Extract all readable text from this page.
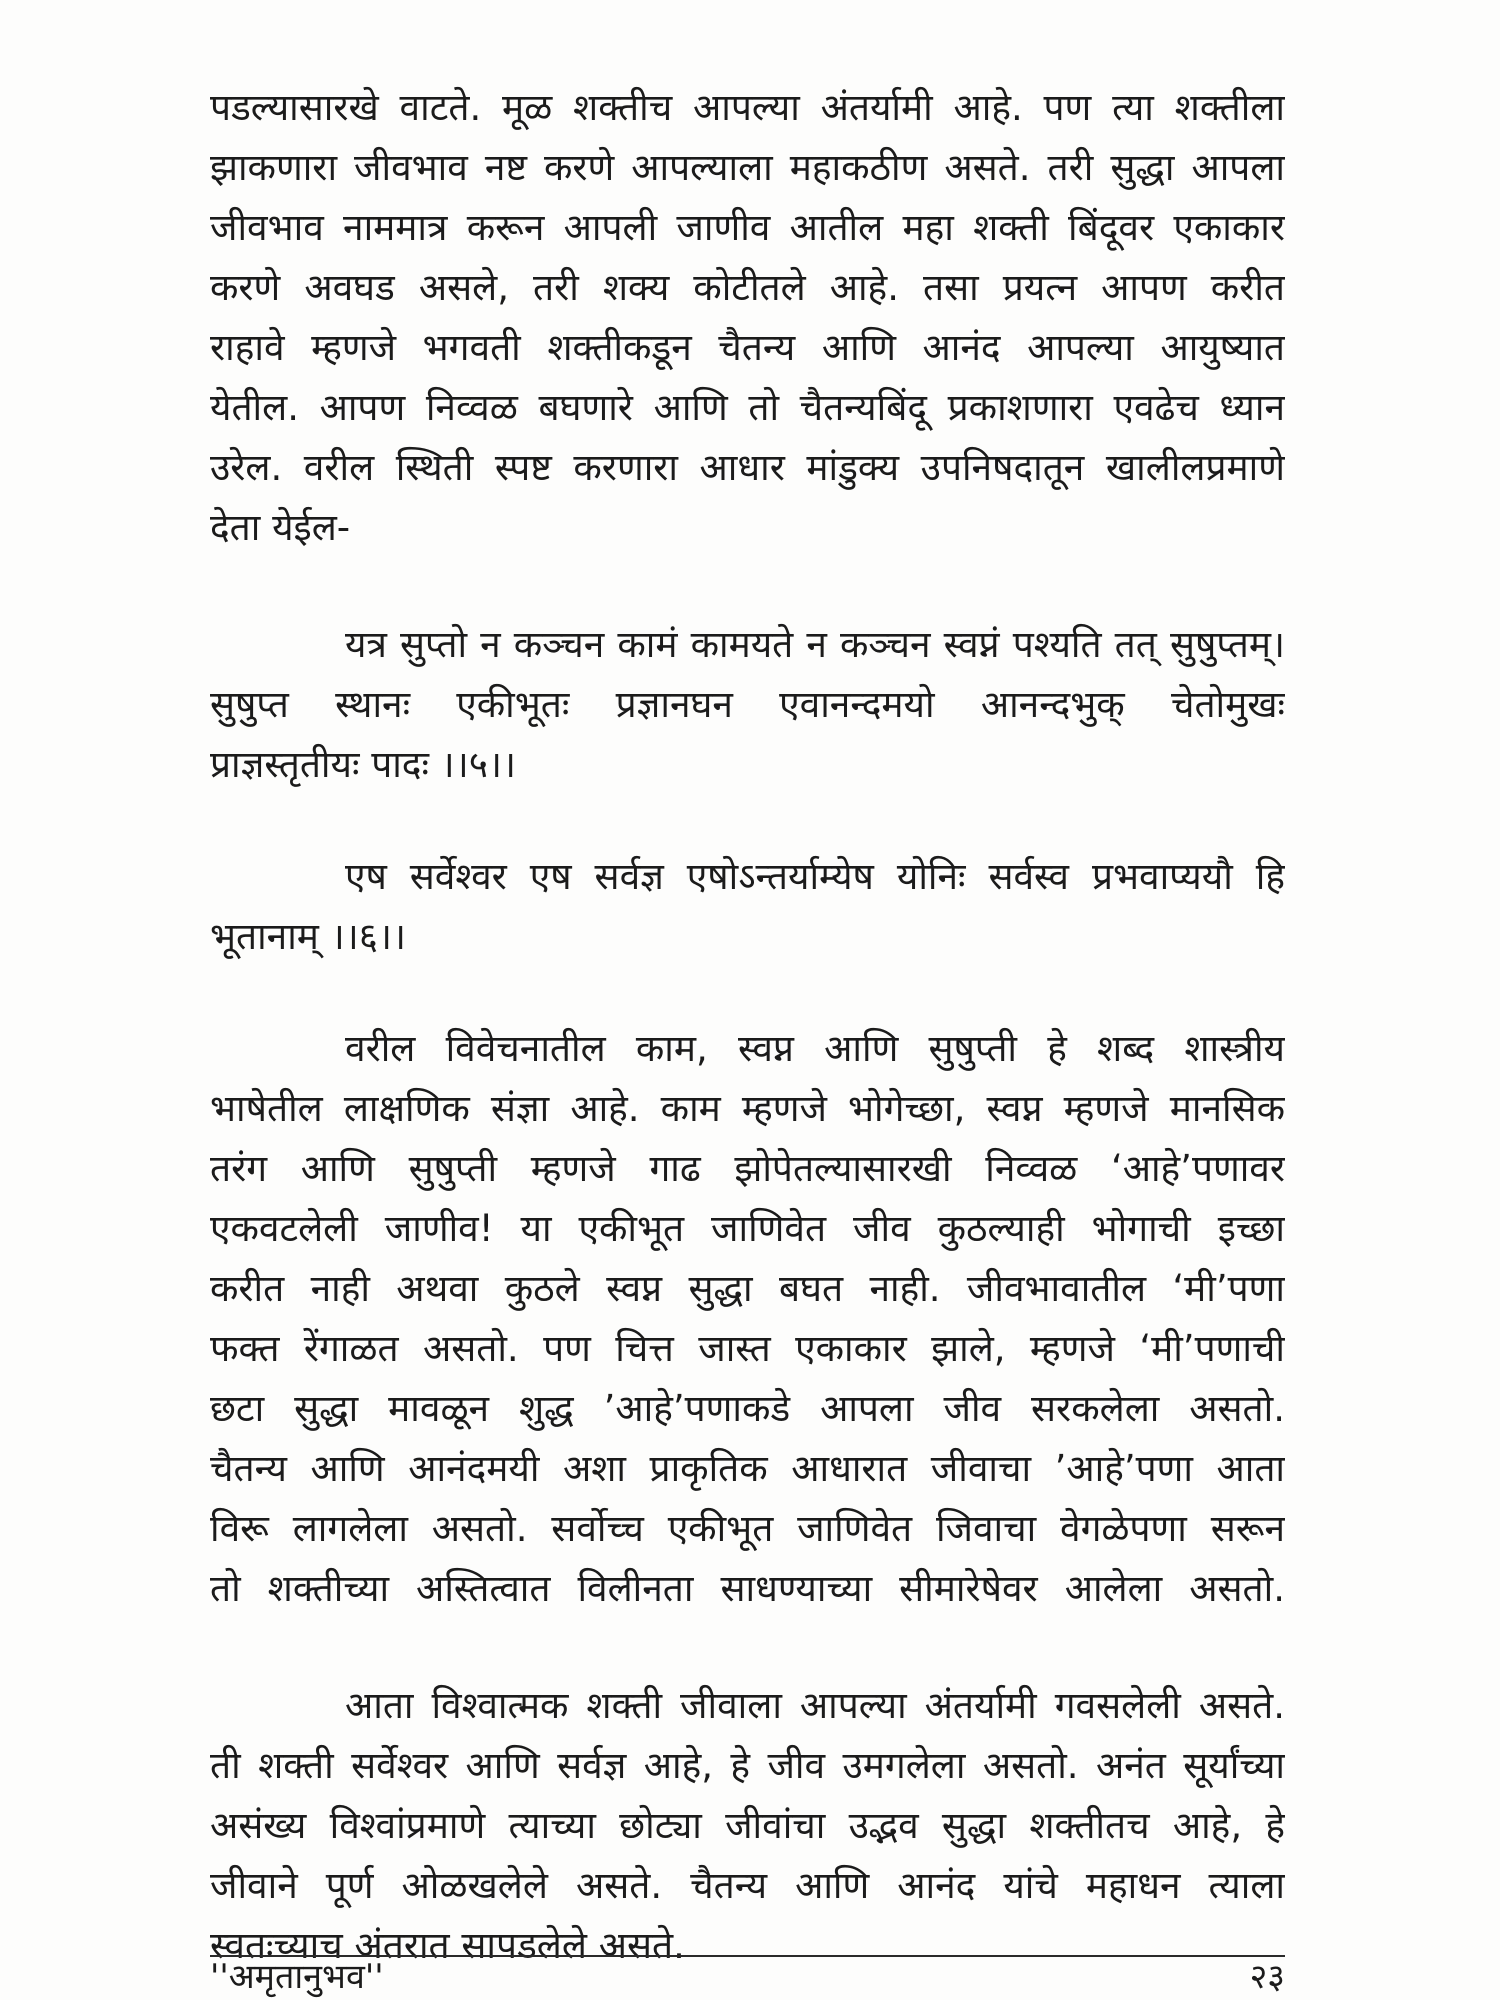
पडल्यासारखे वाटते. मूळ शक्तीच आपल्या अंतर्यामी आहे. पण त्या शक्तीला
झाकणारा जीवभाव नष्ट करणे आपल्याला महाकठीण असते. तरी सुद्धा आपला
जीवभाव नाममात्र करून आपली जाणीव आतील महा शक्ती बिंदूवर एकाकार
करणे अवघड असले, तरी शक्य कोटीतले आहे. तसा प्रयत्न आपण करीत
राहावे म्हणजे भगवती शक्तीकडून चैतन्य आणि आनंद आपल्या आयुष्यात
येतील. आपण निव्वळ बघणारे आणि तो चैतन्यबिंदू प्रकाशणारा एवढेच ध्यान
उरेल. वरील स्थिती स्पष्ट करणारा आधार मांडुक्य उपनिषदातून खालीलप्रमाणे
देता येईल-
यत्र सुप्तो न कञ्चन कामं कामयते न कञ्चन स्वप्नं पश्यति तत् सुषुप्तम्।
सुषुप्त स्थानः एकीभूतः प्रज्ञानघन एवानन्दमयो आनन्दभुक् चेतोमुखः
प्राज्ञस्तृतीयः पादः ।।५।।
एष सर्वेश्वर एष सर्वज्ञ एषोऽन्तर्याम्येष योनिः सर्वस्व प्रभवाप्ययौ हि
भूतानाम् ।।६।।
वरील विवेचनातील काम, स्वप्न आणि सुषुप्ती हे शब्द शास्त्रीय
भाषेतील लाक्षणिक संज्ञा आहे. काम म्हणजे भोगेच्छा, स्वप्न म्हणजे मानसिक
तरंग आणि सुषुप्ती म्हणजे गाढ झोपेतल्यासारखी निव्वळ ‘आहे’पणावर
एकवटलेली जाणीव! या एकीभूत जाणिवेत जीव कुठल्याही भोगाची इच्छा
करीत नाही अथवा कुठले स्वप्न सुद्धा बघत नाही. जीवभावातील ‘मी’पणा
फक्त रेंगाळत असतो. पण चित्त जास्त एकाकार झाले, म्हणजे ‘मी’पणाची
छटा सुद्धा मावळून शुद्ध ’आहे’पणाकडे आपला जीव सरकलेला असतो.
चैतन्य आणि आनंदमयी अशा प्राकृतिक आधारात जीवाचा ’आहे’पणा आता
विरू लागलेला असतो. सर्वोच्च एकीभूत जाणिवेत जिवाचा वेगळेपणा सरून
तो शक्तीच्या अस्तित्वात विलीनता साधण्याच्या सीमारेषेवर आलेला असतो.
आता विश्वात्मक शक्ती जीवाला आपल्या अंतर्यामी गवसलेली असते.
ती शक्ती सर्वेश्वर आणि सर्वज्ञ आहे, हे जीव उमगलेला असतो. अनंत सूर्यांच्या
असंख्य विश्वांप्रमाणे त्याच्या छोट्या जीवांचा उद्भव सुद्धा शक्तीतच आहे, हे
जीवाने पूर्ण ओळखलेले असते. चैतन्य आणि आनंद यांचे महाधन त्याला
स्वतःच्याच अंतरात सापडलेले असते.
''अमृतानुभव''	२३
